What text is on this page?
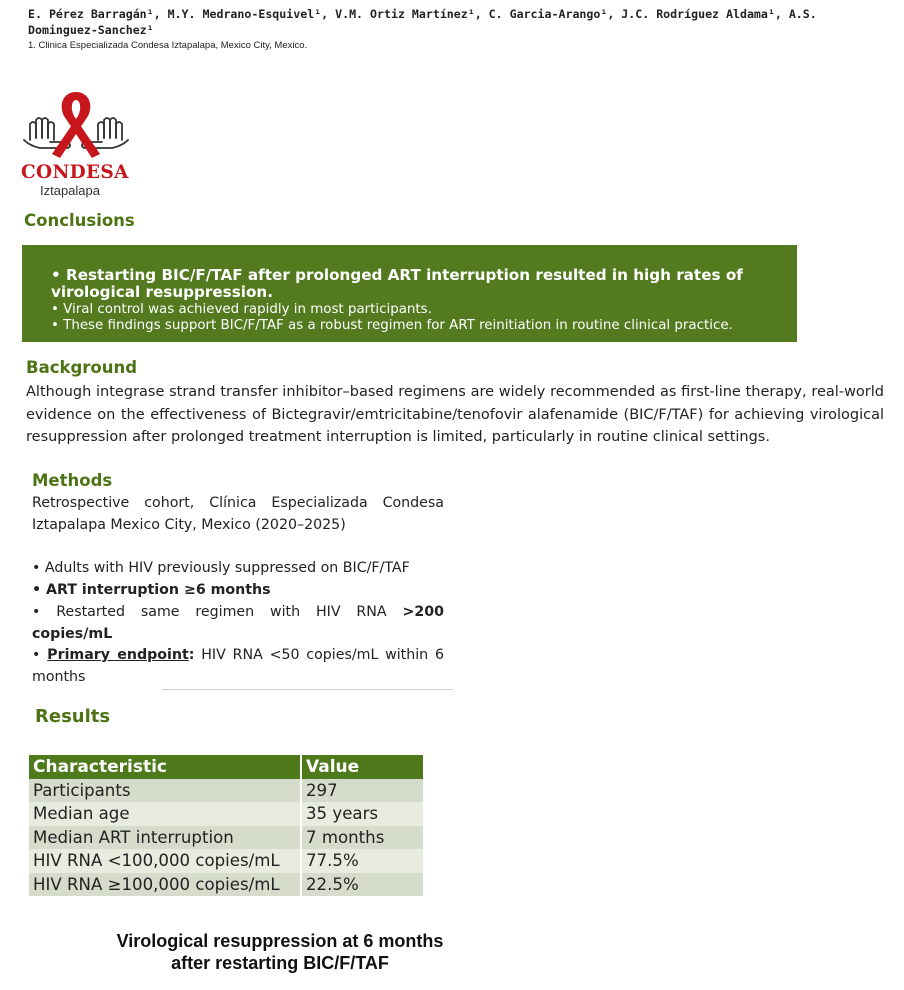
E. Pérez Barragán¹, M.Y. Medrano-Esquivel¹, V.M. Ortiz Martínez¹, C. Garcia-Arango¹, J.C. Rodríguez Aldama¹, A.S. Dominguez-Sanchez¹
1. Clinica Especializada Condesa Iztapalapa, Mexico City, Mexico.
CONDESA
Iztapalapa
Conclusions
• Restarting BIC/F/TAF after prolonged ART interruption resulted in high rates of virological resuppression.
• Viral control was achieved rapidly in most participants.
• These findings support BIC/F/TAF as a robust regimen for ART reinitiation in routine clinical practice.
Background
Although integrase strand transfer inhibitor–based regimens are widely recommended as first-line therapy, real-world evidence on the effectiveness of Bictegravir/emtricitabine/tenofovir alafenamide (BIC/F/TAF) for achieving virological resuppression after prolonged treatment interruption is limited, particularly in routine clinical settings.
Methods
Retrospective cohort, Clínica Especializada Condesa Iztapalapa Mexico City, Mexico (2020–2025)
• Adults with HIV previously suppressed on BIC/F/TAF
• ART interruption ≥6 months
• Restarted same regimen with HIV RNA >200 copies/mL
• Primary endpoint: HIV RNA <50 copies/mL within 6 months
Results
Characteristic	Value
Participants	297
Median age	35 years
Median ART interruption	7 months
HIV RNA <100,000 copies/mL	77.5%
HIV RNA ≥100,000 copies/mL	22.5%
Virological resuppression at 6 months
after restarting BIC/F/TAF
